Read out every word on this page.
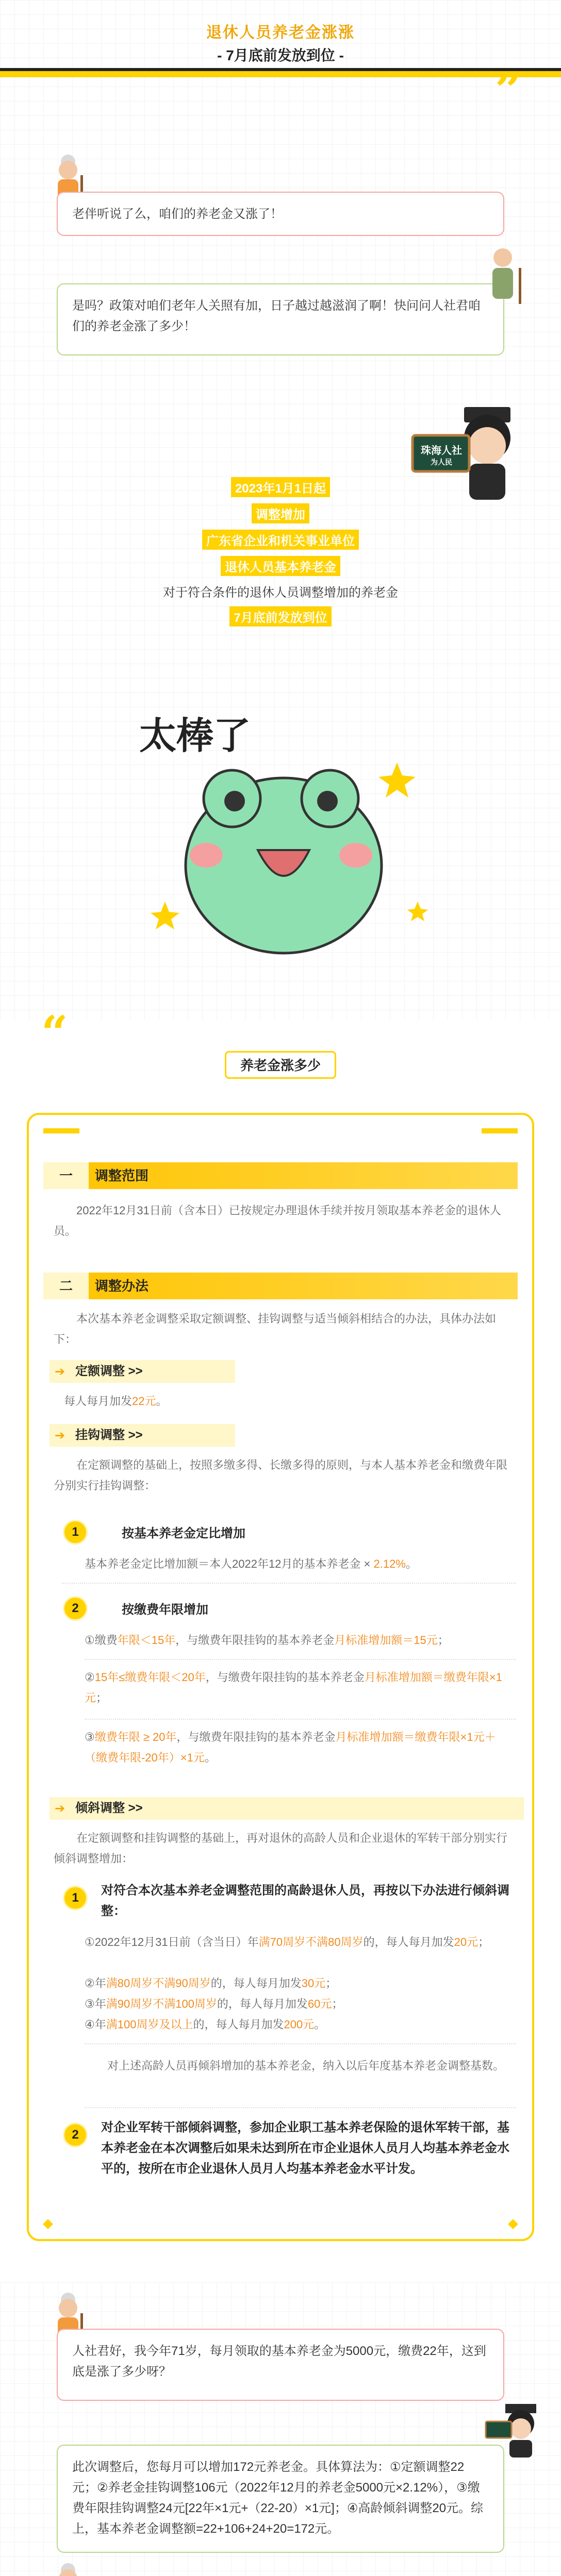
退休人员养老金涨涨
- 7月底前发放到位 -
”
老伴听说了么，咱们的养老金又涨了！
是吗？政策对咱们老年人关照有加，日子越过越滋润了啊！快问问人社君咱们的养老金涨了多少！
珠海人社
为人民
2023年1月1日起
调整增加
广东省企业和机关事业单位
退休人员基本养老金
对于符合条件的退休人员调整增加的养老金
7月底前发放到位
太棒了
“
养老金涨多少
一	调整范围
2022年12月31日前（含本日）已按规定办理退休手续并按月领取基本养老金的退休人员。
二	调整办法
本次基本养老金调整采取定额调整、挂钩调整与适当倾斜相结合的办法，具体办法如下：
➔ 定额调整 >>
每人每月加发22元。
➔ 挂钩调整 >>
在定额调整的基础上，按照多缴多得、长缴多得的原则，与本人基本养老金和缴费年限分别实行挂钩调整：
1	按基本养老金定比增加
基本养老金定比增加额＝本人2022年12月的基本养老金 × 2.12%。
2	按缴费年限增加
①缴费年限＜15年，与缴费年限挂钩的基本养老金月标准增加额＝15元；
②15年≤缴费年限＜20年，与缴费年限挂钩的基本养老金月标准增加额＝缴费年限×1元；
③缴费年限 ≥ 20年，与缴费年限挂钩的基本养老金月标准增加额＝缴费年限×1元＋（缴费年限-20年）×1元。
➔ 倾斜调整 >>
在定额调整和挂钩调整的基础上，再对退休的高龄人员和企业退休的军转干部分别实行倾斜调整增加：
1
对符合本次基本养老金调整范围的高龄退休人员，再按以下办法进行倾斜调整：
①2022年12月31日前（含当日）年满70周岁不满80周岁的，每人每月加发20元；
②年满80周岁不满90周岁的，每人每月加发30元；
③年满90周岁不满100周岁的，每人每月加发60元；
④年满100周岁及以上的，每人每月加发200元。
对上述高龄人员再倾斜增加的基本养老金，纳入以后年度基本养老金调整基数。
2
对企业军转干部倾斜调整，参加企业职工基本养老保险的退休军转干部，基本养老金在本次调整后如果未达到所在市企业退休人员月人均基本养老金水平的，按所在市企业退休人员月人均基本养老金水平计发。
人社君好，我今年71岁，每月领取的基本养老金为5000元，缴费22年，这到底是涨了多少呀？
此次调整后，您每月可以增加172元养老金。具体算法为：①定额调整22元；②养老金挂钩调整106元（2022年12月的养老金5000元×2.12%），③缴费年限挂钩调整24元[22年×1元+（22-20）×1元]；④高龄倾斜调整20元。综上，基本养老金调整额=22+106+24+20=172元。
